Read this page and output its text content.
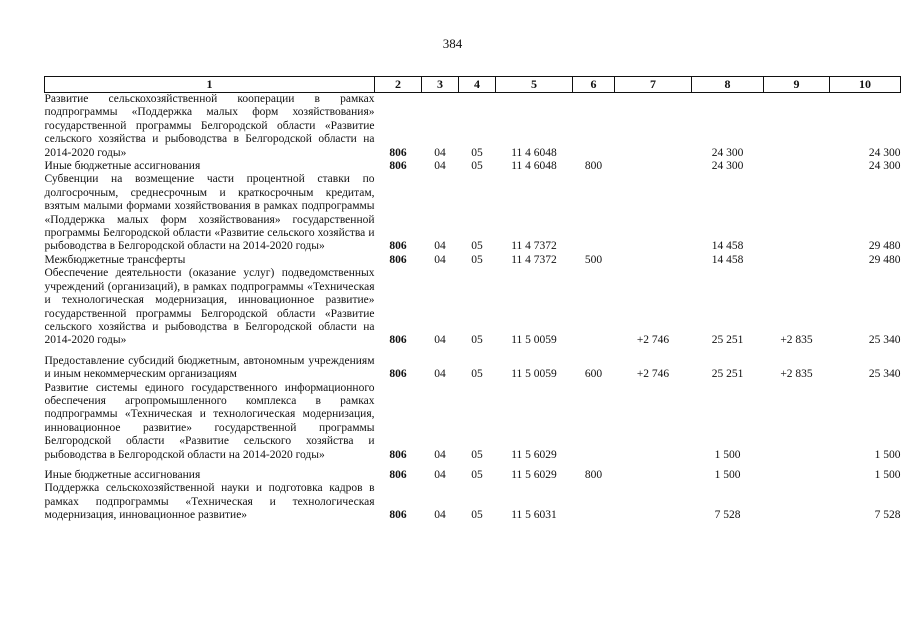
384
1	2	3	4	5	6	7	8	9	10
Развитие сельскохозяйственной кооперации в рамках подпрограммы «Поддержка малых форм хозяйствования» государственной программы Белгородской области «Развитие сельского хозяйства и рыбоводства в Белгородской области на 2014-2020 годы»	806	04	05	11 4 6048			24 300		24 300
Иные бюджетные ассигнования	806	04	05	11 4 6048	800		24 300		24 300
Субвенции на возмещение части процентной ставки по долгосрочным, среднесрочным и краткосрочным кредитам, взятым малыми формами хозяйствования в рамках подпрограммы «Поддержка малых форм хозяйствования» государственной программы Белгородской области «Развитие сельского хозяйства и рыбоводства в Белгородской области на 2014-2020 годы»	806	04	05	11 4 7372			14 458		29 480
Межбюджетные трансферты	806	04	05	11 4 7372	500		14 458		29 480
Обеспечение деятельности (оказание услуг) подведомственных учреждений (организаций), в рамках подпрограммы «Техническая и технологическая модернизация, инновационное развитие» государственной программы Белгородской области «Развитие сельского хозяйства и рыбоводства в Белгородской области на 2014-2020 годы»	806	04	05	11 5 0059		+2 746	25 251	+2 835	25 340

Предоставление субсидий бюджетным, автономным учреждениям и иным некоммерческим организациям	806	04	05	11 5 0059	600	+2 746	25 251	+2 835	25 340
Развитие системы единого государственного информационного обеспечения агропромышленного комплекса в рамках подпрограммы «Техническая и технологическая модернизация, инновационное развитие» государственной программы Белгородской области «Развитие сельского хозяйства и рыбоводства в Белгородской области на 2014-2020 годы»	806	04	05	11 5 6029			1 500		1 500

Иные бюджетные ассигнования	806	04	05	11 5 6029	800		1 500		1 500
Поддержка сельскохозяйственной науки и подготовка кадров в рамках подпрограммы «Техническая и технологическая модернизация, инновационное развитие»	806	04	05	11 5 6031			7 528		7 528
